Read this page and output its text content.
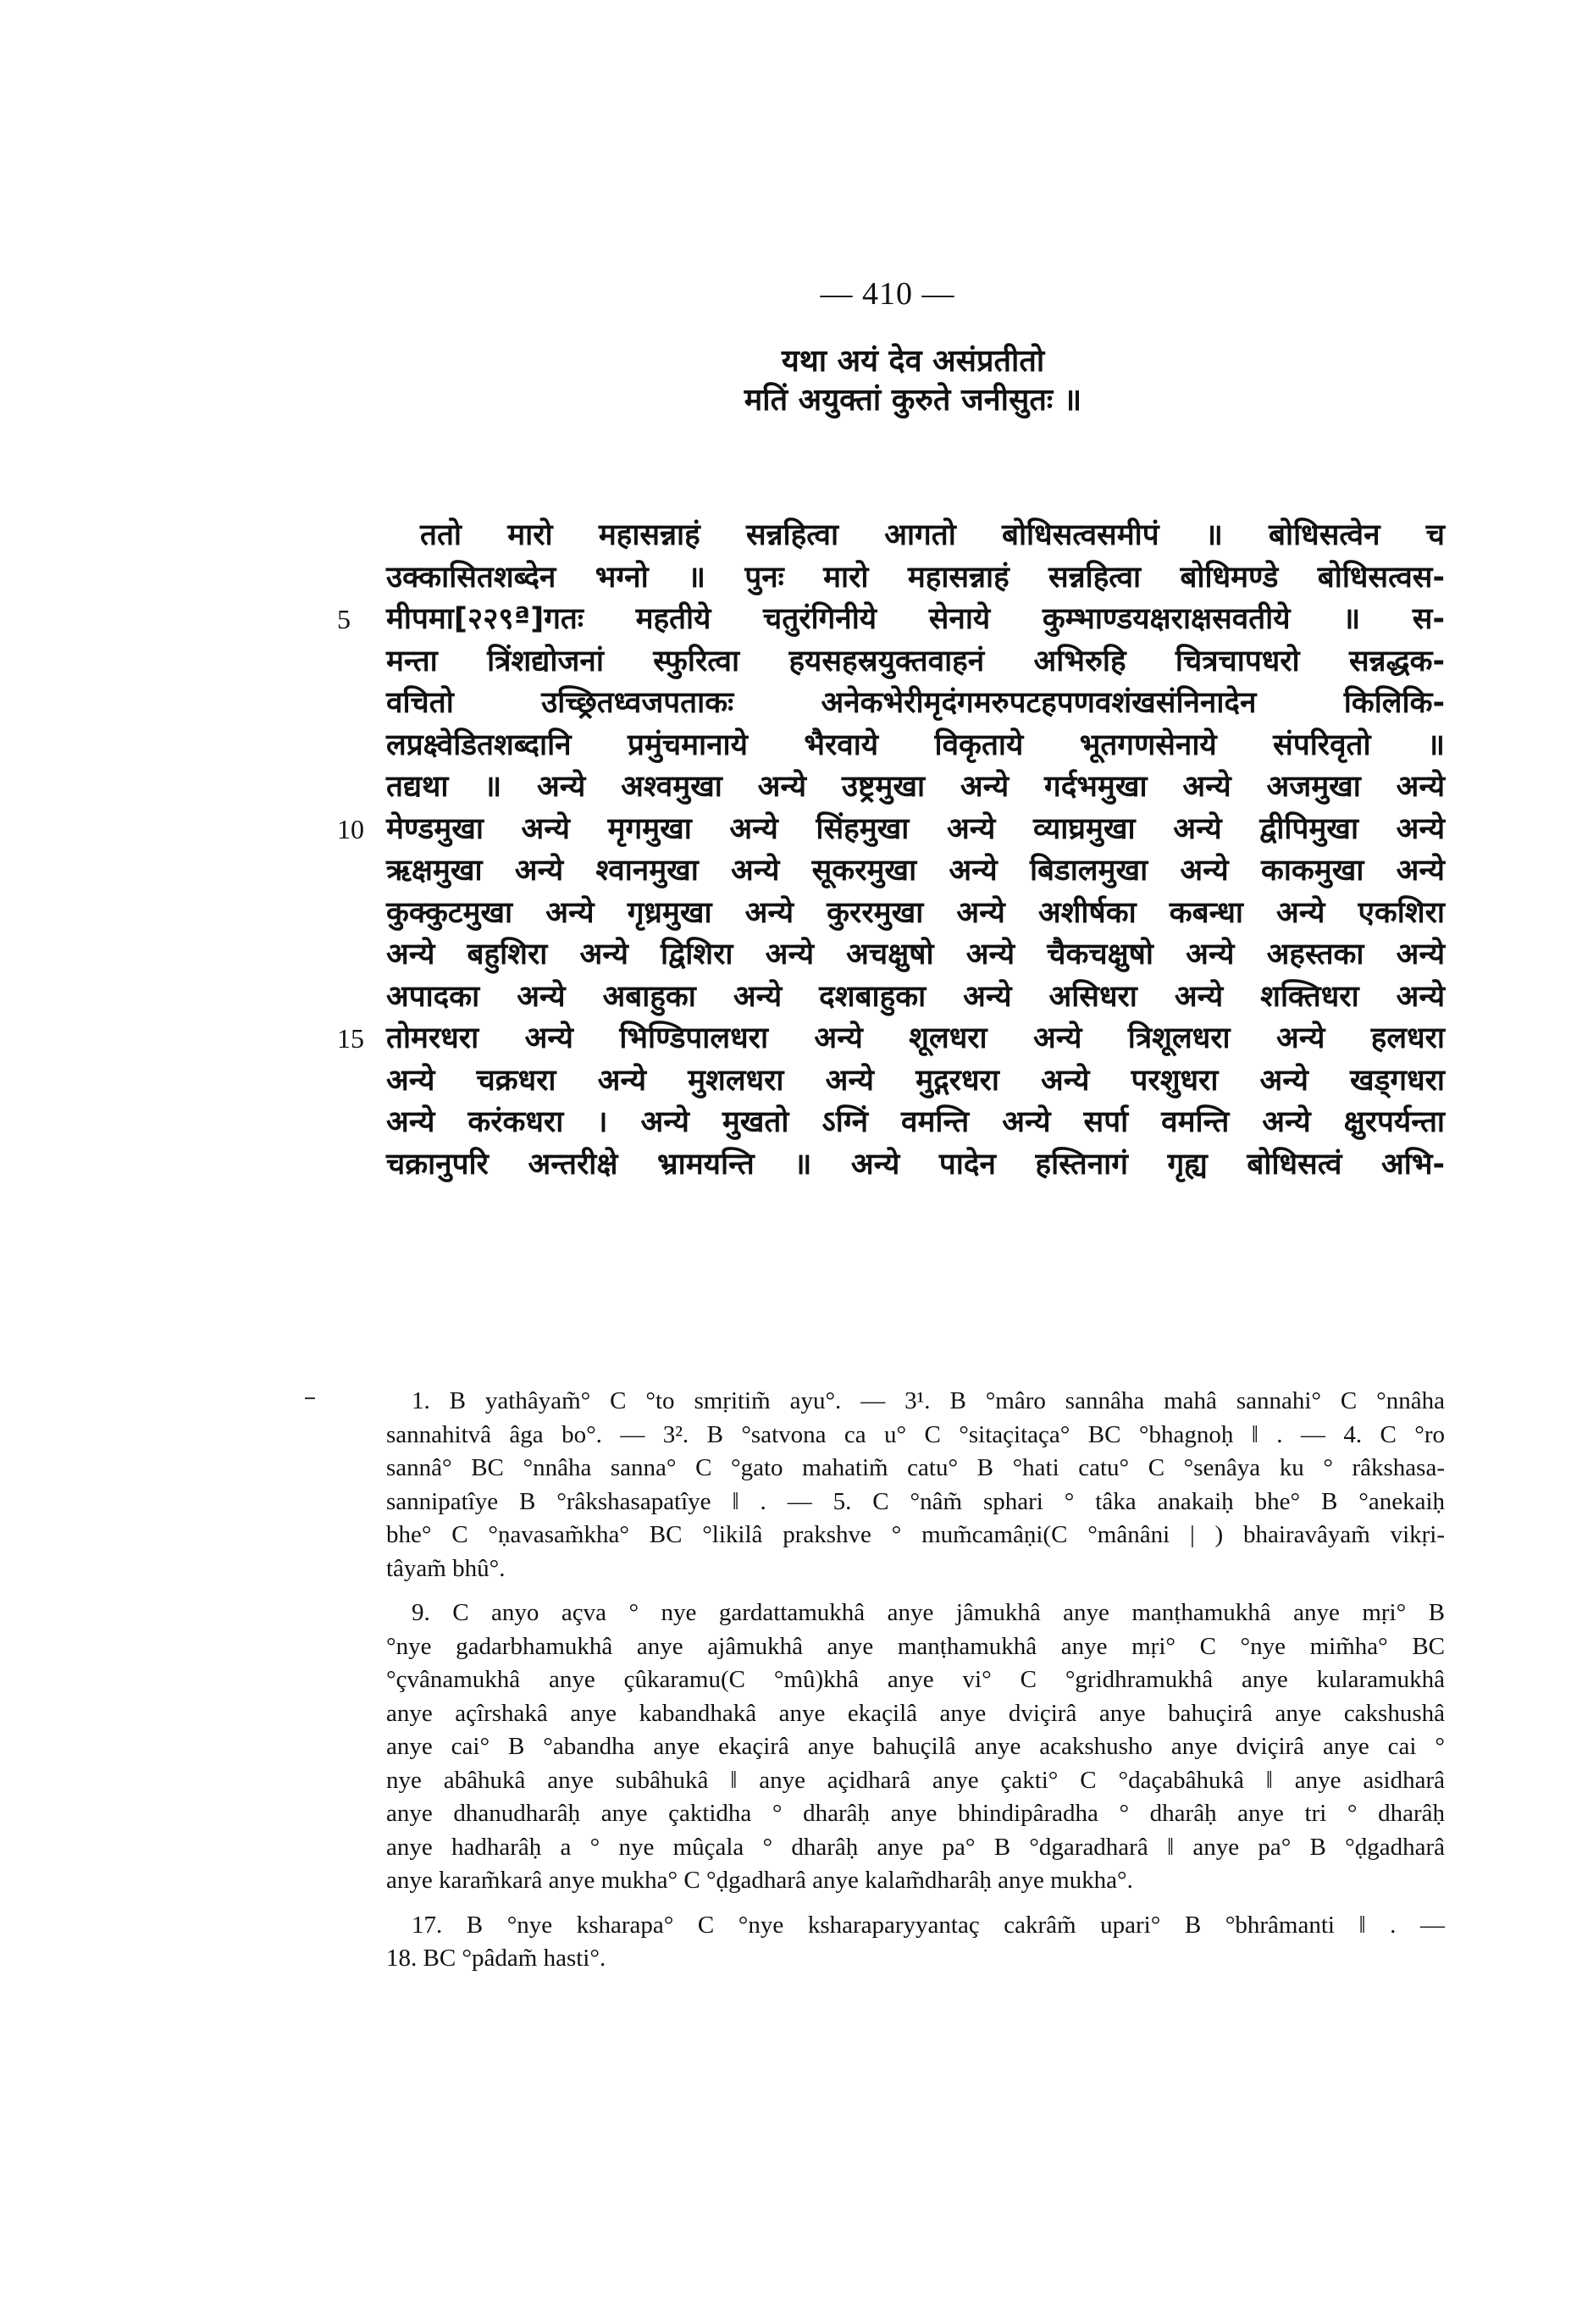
— 410 —
यथा अयं देव असंप्रतीतो
मतिं अयुक्तां कुरुते जनीसुतः ॥
ततो मारो महासन्नाहं सन्नहित्वा आगतो बोधिसत्वसमीपं ॥ बोधिसत्वेन च
उक्कासितशब्देन भग्नो ॥ पुनः मारो महासन्नाहं सन्नहित्वा बोधिमण्डे बोधिसत्वस-
5 मीपमा[२२९ª]गतः महतीये चतुरंगिनीये सेनाये कुम्भाण्डयक्षराक्षसवतीये ॥ स-
मन्ता त्रिंशद्योजनां स्फुरित्वा हयसहस्रयुक्तवाहनं अभिरुहि चित्रचापधरो सन्नद्धक-
वचितो उच्छ्रितध्वजपताकः अनेकभेरीमृदंगमरुपटहपणवशंखसंनिनादेन किलिकि-
लप्रक्ष्वेडितशब्दानि प्रमुंचमानाये भैरवाये विकृताये भूतगणसेनाये संपरिवृतो ॥
तद्यथा ॥ अन्ये अश्वमुखा अन्ये उष्ट्रमुखा अन्ये गर्दभमुखा अन्ये अजमुखा अन्ये
10 मेण्डमुखा अन्ये मृगमुखा अन्ये सिंहमुखा अन्ये व्याघ्रमुखा अन्ये द्वीपिमुखा अन्ये
ऋक्षमुखा अन्ये श्वानमुखा अन्ये सूकरमुखा अन्ये बिडालमुखा अन्ये काकमुखा अन्ये
कुक्कुटमुखा अन्ये गृध्रमुखा अन्ये कुररमुखा अन्ये अशीर्षका कबन्धा अन्ये एकशिरा
अन्ये बहुशिरा अन्ये द्विशिरा अन्ये अचक्षुषो अन्ये चैकचक्षुषो अन्ये अहस्तका अन्ये
अपादका अन्ये अबाहुका अन्ये दशबाहुका अन्ये असिधरा अन्ये शक्तिधरा अन्ये
15 तोमरधरा अन्ये भिण्डिपालधरा अन्ये शूलधरा अन्ये त्रिशूलधरा अन्ये हलधरा
अन्ये चक्रधरा अन्ये मुशलधरा अन्ये मुद्गरधरा अन्ये परशुधरा अन्ये खड्गधरा
अन्ये करंकधरा । अन्ये मुखतो ऽग्निं वमन्ति अन्ये सर्पा वमन्ति अन्ये क्षुरपर्यन्ता
चक्रानुपरि अन्तरीक्षे भ्रामयन्ति ॥ अन्ये पादेन हस्तिनागं गृह्य बोधिसत्वं अभि-
1. B yathâyam̃° C °to smṛitim̃ ayu°. — 3¹. B °mâro sannâha mahâ sannahi° C °nnâha
sannahitvâ âga bo°. — 3². B °satvona ca u° C °sitaçitaça° BC °bhagnoḥ ‖ . — 4. C °ro
sannâ° BC °nnâha sanna° C °gato mahatim̃ catu° B °hati catu° C °senâya ku ° râkshasa-
sannipatîye B °râkshasapatîye ‖ . — 5. C °nâm̃ sphari ° tâka anakaiḥ bhe° B °anekaiḥ
bhe° C °ṇavasam̃kha° BC °likilâ prakshve ° mum̃camâṇi(C °mânâni | ) bhairavâyam̃ vikṛi-
tâyam̃ bhû°.
9. C anyo açva ° nye gardattamukhâ anye jâmukhâ anye manṭhamukhâ anye mṛi° B
°nye gadarbhamukhâ anye ajâmukhâ anye manṭhamukhâ anye mṛi° C °nye mim̃ha° BC
°çvânamukhâ anye çûkaramu(C °mû)khâ anye vi° C °gridhramukhâ anye kularamukhâ
anye açîrshakâ anye kabandhakâ anye ekaçilâ anye dviçirâ anye bahuçirâ anye cakshushâ
anye cai° B °abandha anye ekaçirâ anye bahuçilâ anye acakshusho anye dviçirâ anye cai °
nye abâhukâ anye subâhukâ ‖ anye açidharâ anye çakti° C °daçabâhukâ ‖ anye asidharâ
anye dhanudharâḥ anye çaktidha ° dharâḥ anye bhindipâradha ° dharâḥ anye tri ° dharâḥ
anye hadharâḥ a ° nye mûçala ° dharâḥ anye pa° B °dgaradharâ ‖ anye pa° B °ḍgadharâ
anye karam̃karâ anye mukha° C °ḍgadharâ anye kalam̃dharâḥ anye mukha°.
17. B °nye ksharapa° C °nye ksharaparyyantaç cakrâm̃ upari° B °bhrâmanti ‖ . —
18. BC °pâdam̃ hasti°.
